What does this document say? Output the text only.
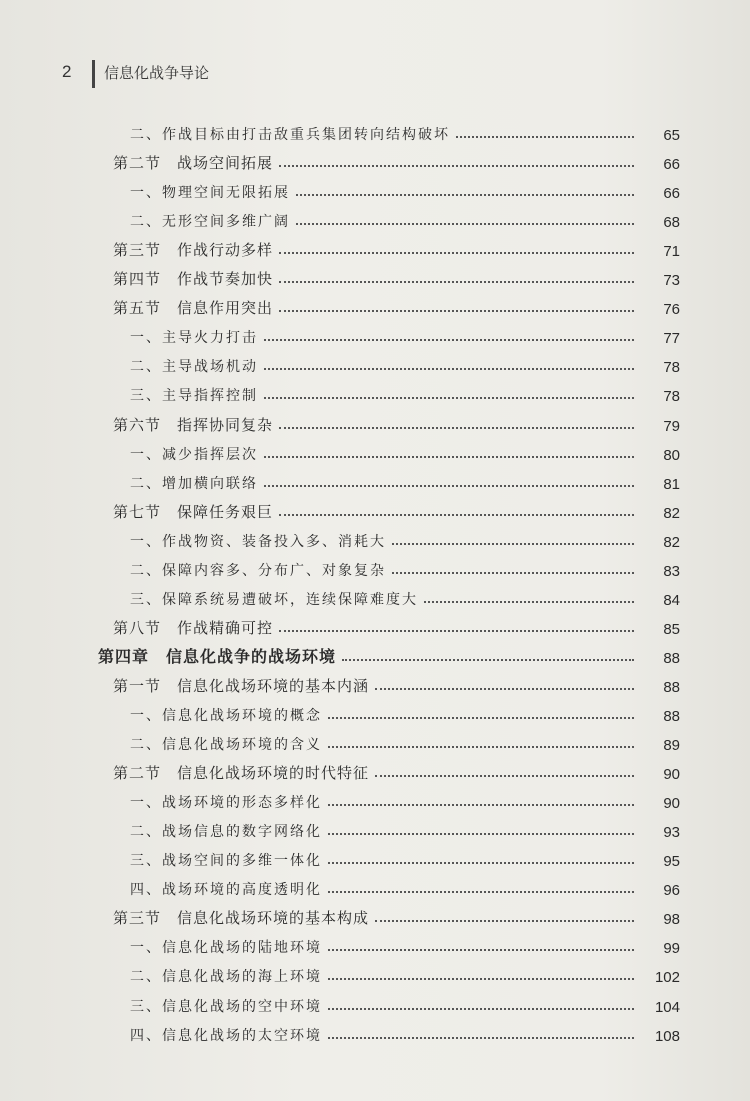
2 信息化战争导论
二、作战目标由打击敌重兵集团转向结构破坏	65
第二节　战场空间拓展	66
一、物理空间无限拓展	66
二、无形空间多维广阔	68
第三节　作战行动多样	71
第四节　作战节奏加快	73
第五节　信息作用突出	76
一、主导火力打击	77
二、主导战场机动	78
三、主导指挥控制	78
第六节　指挥协同复杂	79
一、减少指挥层次	80
二、增加横向联络	81
第七节　保障任务艰巨	82
一、作战物资、装备投入多、消耗大	82
二、保障内容多、分布广、对象复杂	83
三、保障系统易遭破坏，连续保障难度大	84
第八节　作战精确可控	85
第四章　信息化战争的战场环境	88
第一节　信息化战场环境的基本内涵	88
一、信息化战场环境的概念	88
二、信息化战场环境的含义	89
第二节　信息化战场环境的时代特征	90
一、战场环境的形态多样化	90
二、战场信息的数字网络化	93
三、战场空间的多维一体化	95
四、战场环境的高度透明化	96
第三节　信息化战场环境的基本构成	98
一、信息化战场的陆地环境	99
二、信息化战场的海上环境	102
三、信息化战场的空中环境	104
四、信息化战场的太空环境	108
